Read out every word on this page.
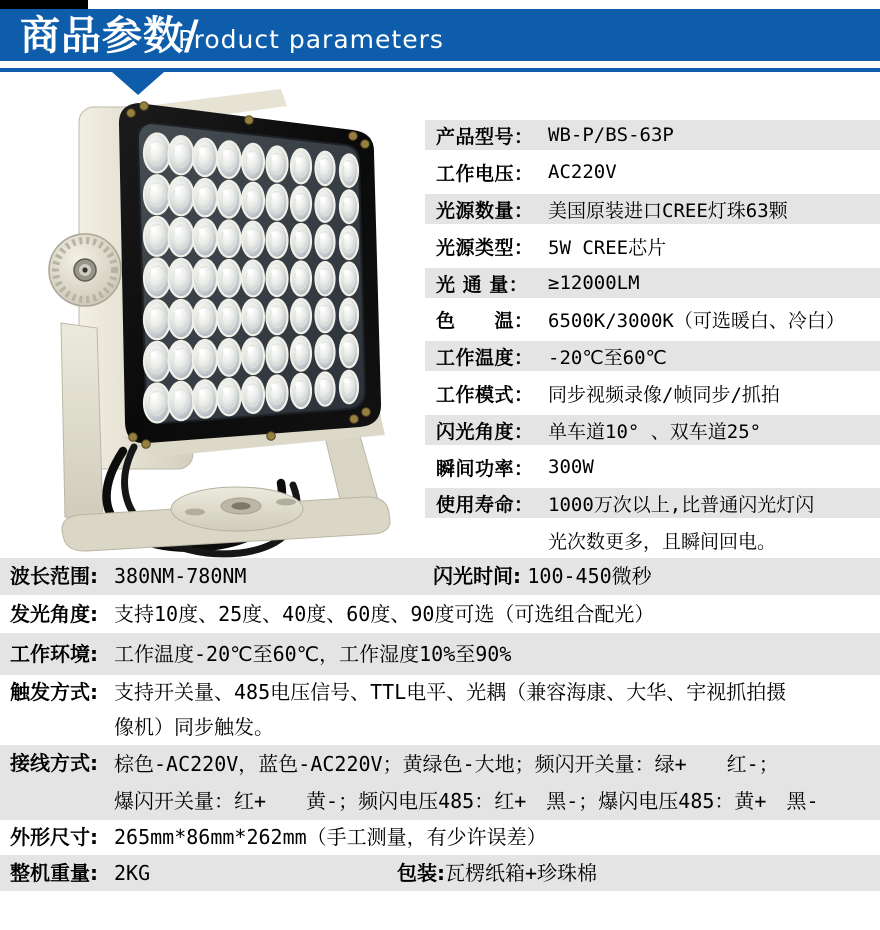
商品参数/
Product parameters
产品型号： WB-P/BS-63P
工作电压： AC220V
光源数量： 美国原装进口CREE灯珠63颗
光源类型： 5W CREE芯片
光 通 量：	≥12000LM
色　　温： 6500K/3000K（可选暖白、冷白）
工作温度： -20℃至60℃
工作模式： 同步视频录像/帧同步/抓拍
闪光角度： 单车道10° 、双车道25°
瞬间功率： 300W
使用寿命： 1000万次以上,比普通闪光灯闪
光次数更多，且瞬间回电。
波长范围: 380NM-780NM	闪光时间: 100-450微秒
发光角度: 支持10度、25度、40度、60度、90度可选（可选组合配光）
工作环境: 工作温度-20℃至60℃，工作湿度10%至90%
触发方式: 支持开关量、485电压信号、TTL电平、光耦（兼容海康、大华、宇视抓拍摄
像机）同步触发。
接线方式: 棕色-AC220V，蓝色-AC220V；黄绿色-大地；频闪开关量：绿+　　红-；
爆闪开关量：红+　　黄-；频闪电压485：红+　黑-；爆闪电压485：黄+　黑-
外形尺寸: 265mm*86mm*262mm（手工测量，有少许误差）
整机重量: 2KG	包装:瓦楞纸箱+珍珠棉
